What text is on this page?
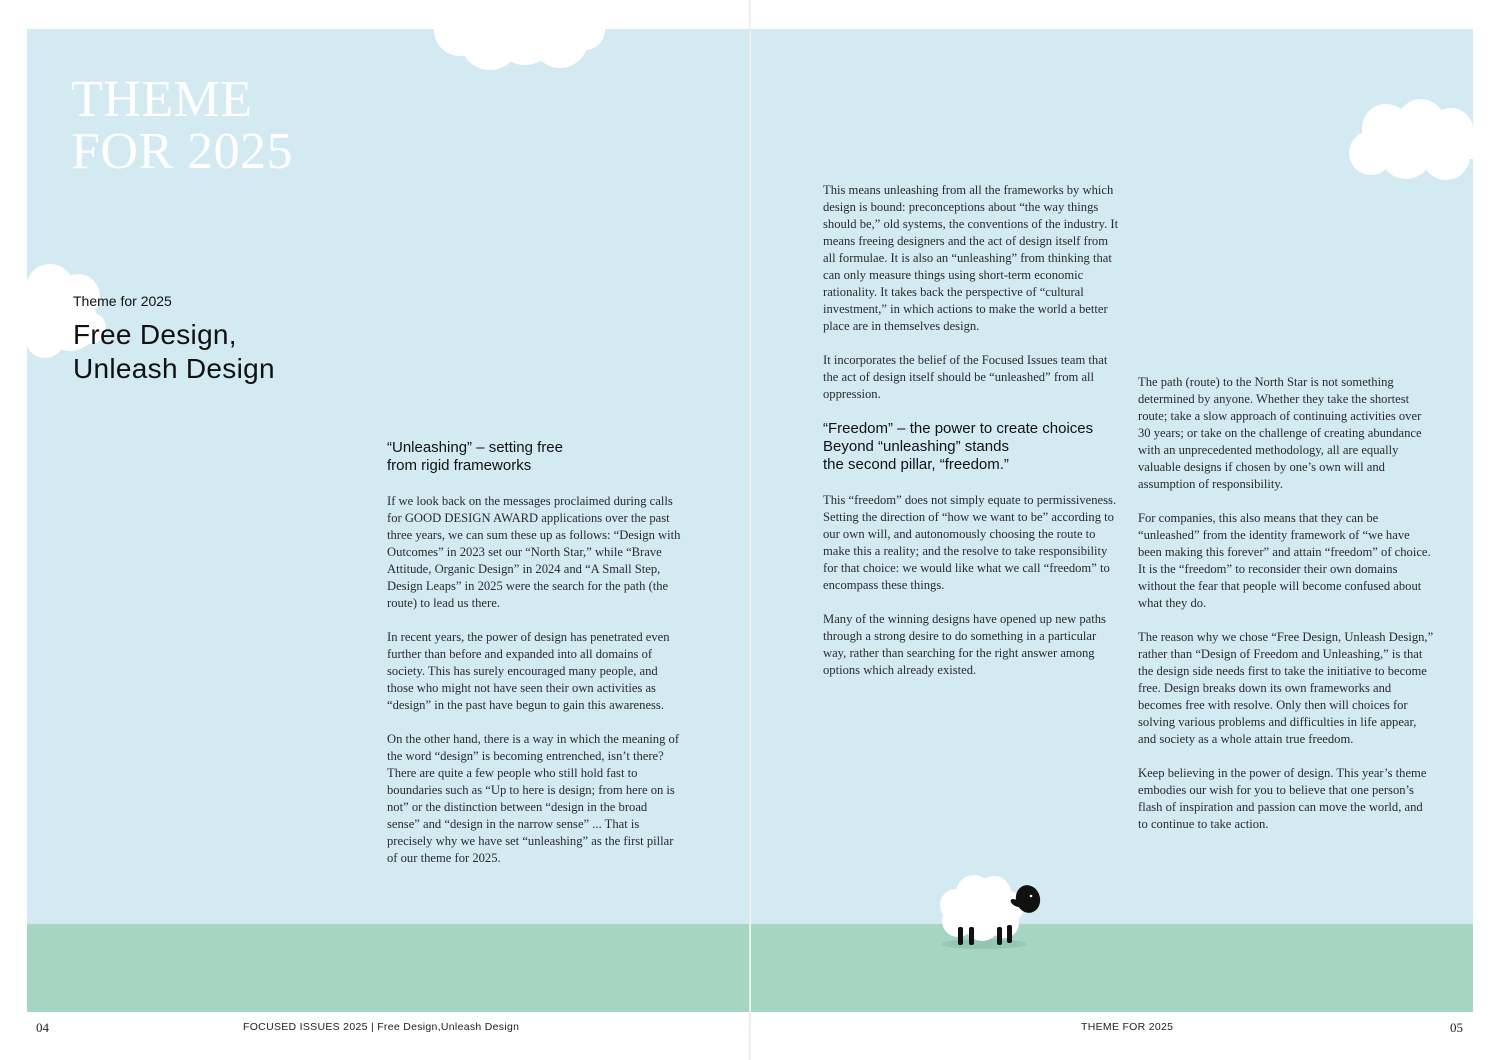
THEME
FOR 2025
Theme for 2025
Free Design,
Unleash Design
“Unleashing” – setting free
from rigid frameworks

If we look back on the messages proclaimed during calls for GOOD DESIGN AWARD applications over the past three years, we can sum these up as follows: “Design with Outcomes” in 2023 set our “North Star,” while “Brave Attitude, Organic Design” in 2024 and “A Small Step, Design Leaps” in 2025 were the search for the path (the route) to lead us there.

In recent years, the power of design has penetrated even further than before and expanded into all domains of society. This has surely encouraged many people, and those who might not have seen their own activities as “design” in the past have begun to gain this awareness.

On the other hand, there is a way in which the meaning of the word “design” is becoming entrenched, isn’t there? There are quite a few people who still hold fast to boundaries such as “Up to here is design; from here on is not” or the distinction between “design in the broad sense” and “design in the narrow sense” ... That is precisely why we have set “unleashing” as the first pillar of our theme for 2025.

04	FOCUSED ISSUES 2025 | Free Design,Unleash Design

This means unleashing from all the frameworks by which design is bound: preconceptions about “the way things should be,” old systems, the conventions of the industry. It means freeing designers and the act of design itself from all formulae. It is also an “unleashing” from thinking that can only measure things using short-term economic rationality. It takes back the perspective of “cultural investment,” in which actions to make the world a better place are in themselves design.

It incorporates the belief of the Focused Issues team that the act of design itself should be “unleashed” from all oppression.

“Freedom” – the power to create choices
Beyond “unleashing” stands
the second pillar, “freedom.”

This “freedom” does not simply equate to permissiveness. Setting the direction of “how we want to be” according to our own will, and autonomously choosing the route to make this a reality; and the resolve to take responsibility for that choice: we would like what we call “freedom” to encompass these things.

Many of the winning designs have opened up new paths through a strong desire to do something in a particular way, rather than searching for the right answer among options which already existed.

The path (route) to the North Star is not something determined by anyone. Whether they take the shortest route; take a slow approach of continuing activities over 30 years; or take on the challenge of creating abundance with an unprecedented methodology, all are equally valuable designs if chosen by one’s own will and assumption of responsibility.

For companies, this also means that they can be “unleashed” from the identity framework of “we have been making this forever” and attain “freedom” of choice. It is the “freedom” to reconsider their own domains without the fear that people will become confused about what they do.

The reason why we chose “Free Design, Unleash Design,” rather than “Design of Freedom and Unleashing,” is that the design side needs first to take the initiative to become free. Design breaks down its own frameworks and becomes free with resolve. Only then will choices for solving various problems and difficulties in life appear, and society as a whole attain true freedom.

Keep believing in the power of design. This year’s theme embodies our wish for you to believe that one person’s flash of inspiration and passion can move the world, and to continue to take action.

THEME FOR 2025	05
